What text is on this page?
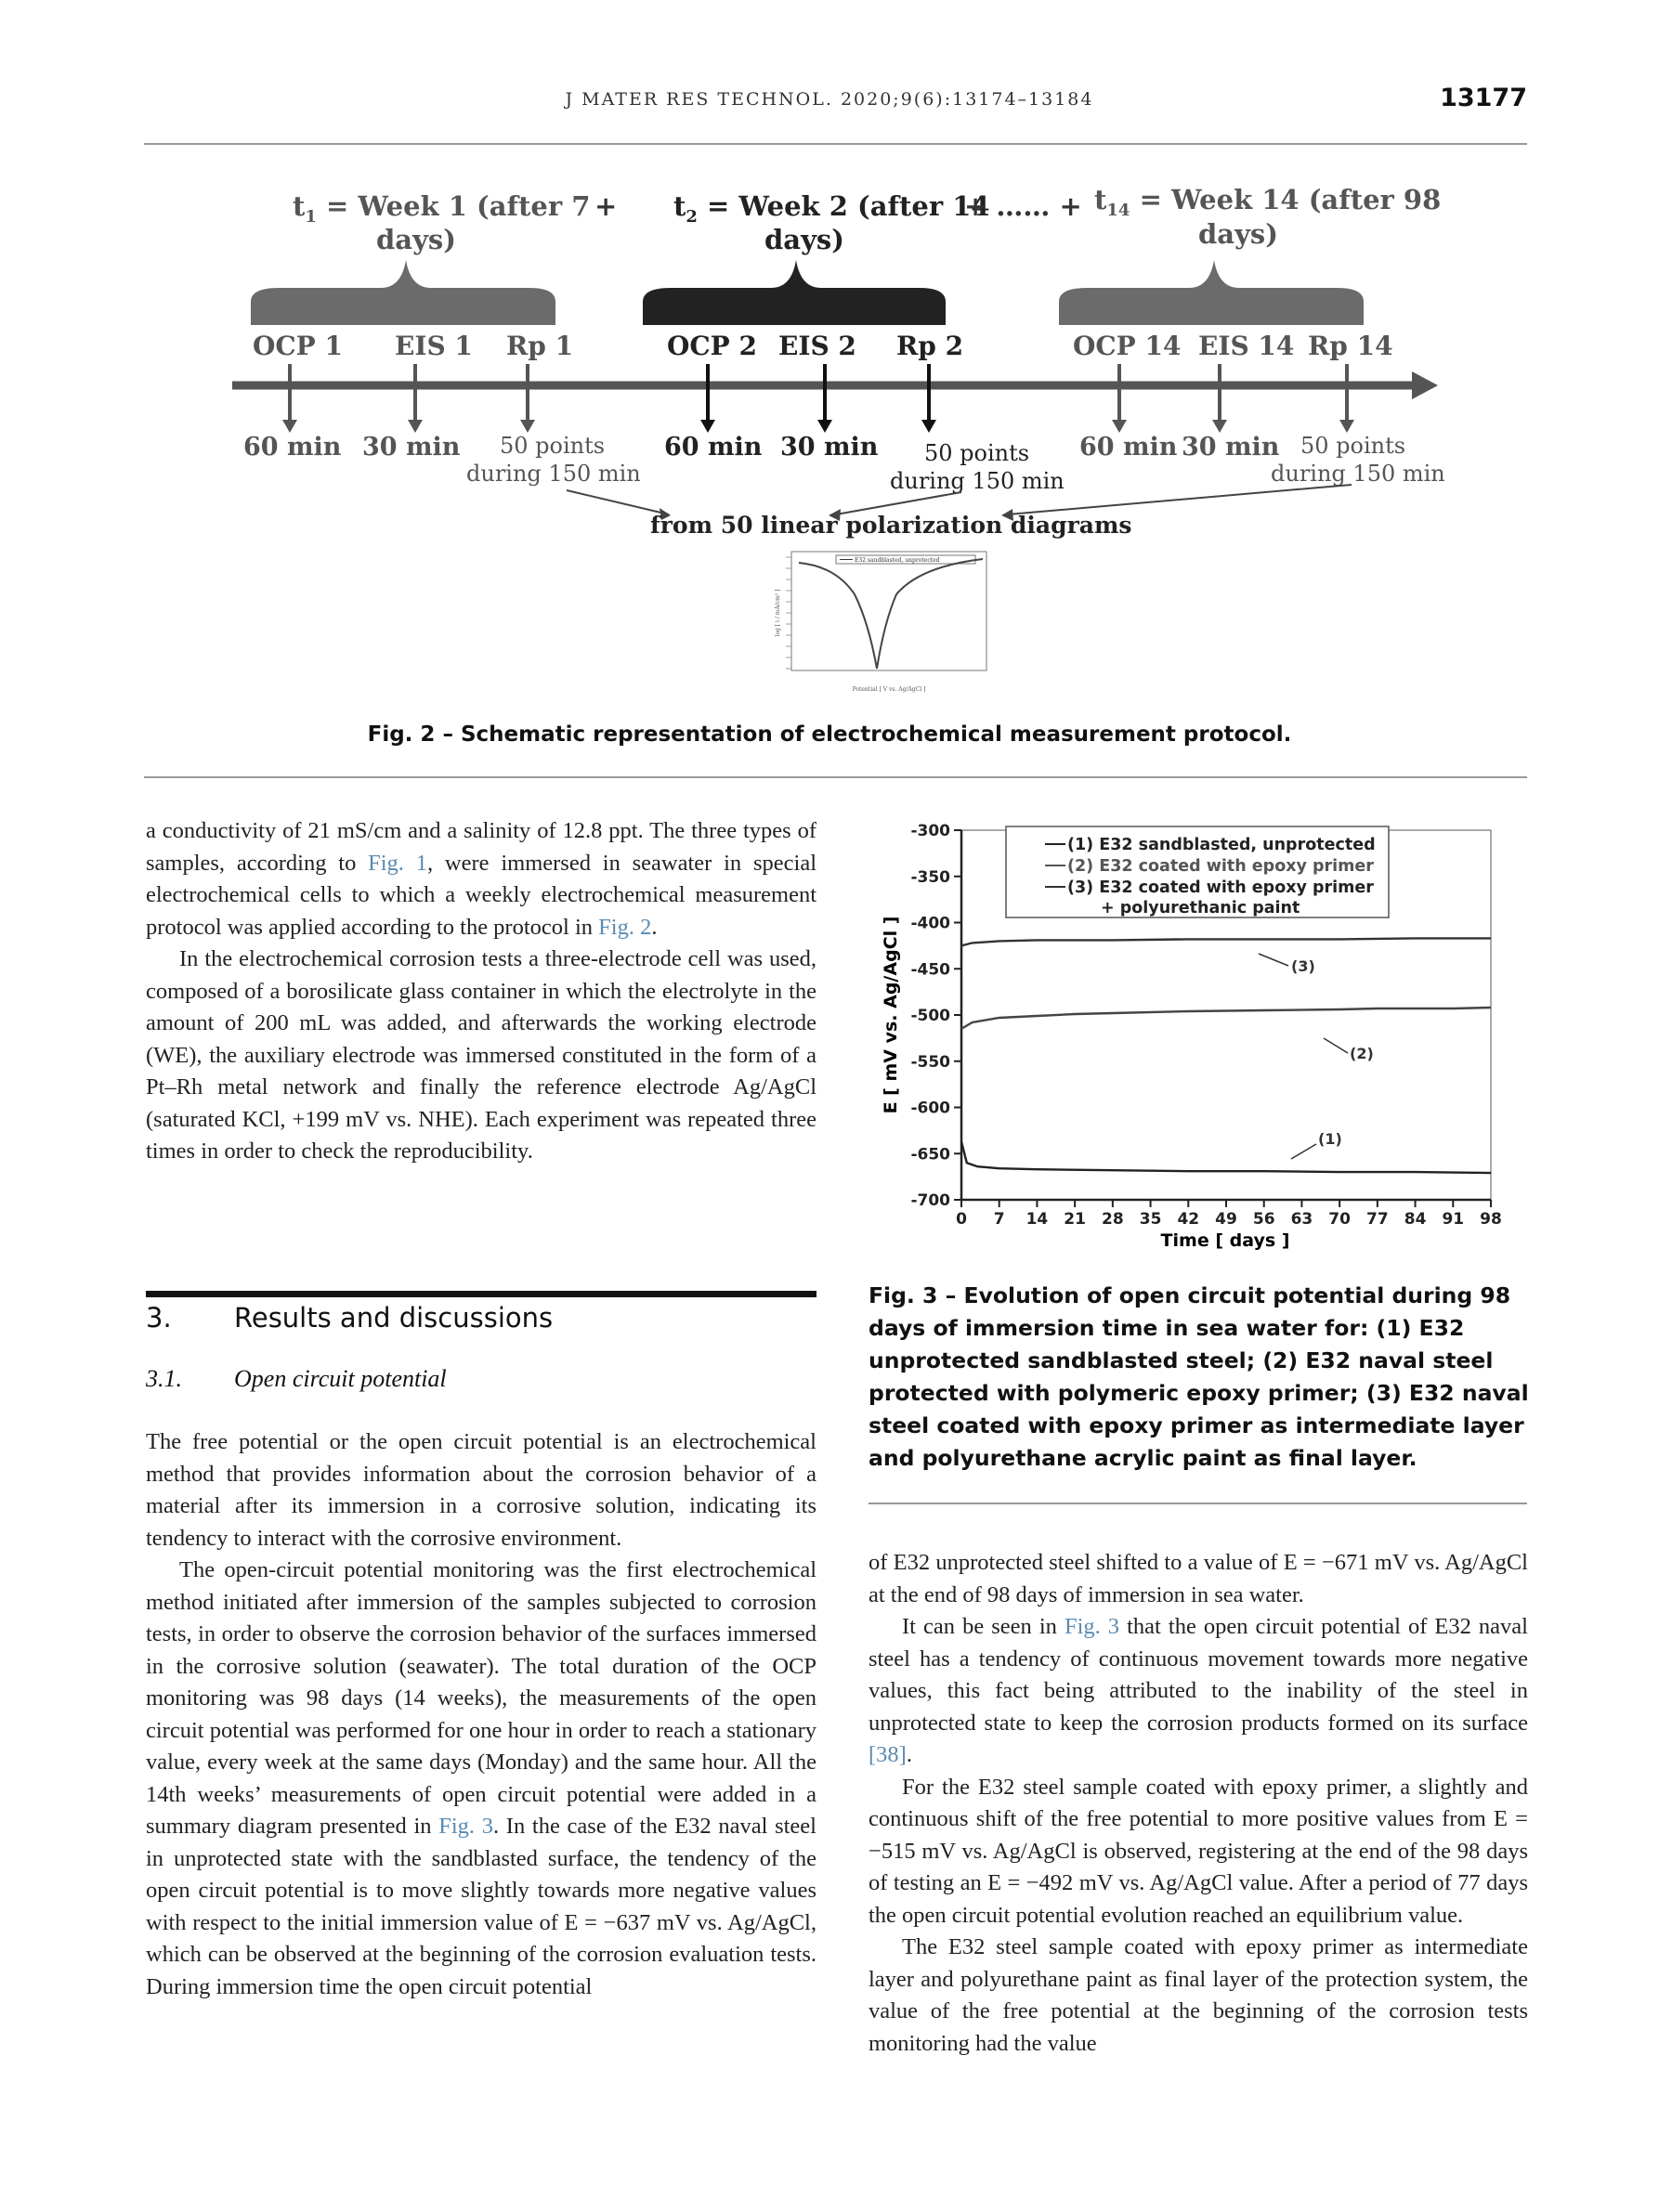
J MATER RES TECHNOL. 2020;9(6):13174–13184	13177
$t_1$ = Week 1 (after 7
days)
+ $t_2$ = Week 2 (after 14
days)
+ …… + $t_{14}$ = Week 14 (after 98
days)
OCP 1 EIS 1 Rp 1	OCP 2 EIS 2 Rp 2	OCP 14 EIS 14 Rp 14
60 min 30 min	60 min 30 min	60 min 30 min
50 points
during 150 min
50 points
during 150 min
50 points
during 150 min
from 50 linear polarization diagrams
E32 sandblasted, unprotected
log [ i / mA/cm² ]
Potential [ V vs. Ag/AgCl ]
Fig. 2 – Schematic representation of electrochemical measurement protocol.

a conductivity of 21 mS/cm and a salinity of 12.8 ppt. The three types of samples, according to Fig. 1, were immersed in seawater in special electrochemical cells to which a weekly electrochemical measurement protocol was applied according to the protocol in Fig. 2.

In the electrochemical corrosion tests a three-electrode cell was used, composed of a borosilicate glass container in which the electrolyte in the amount of 200 mL was added, and afterwards the working electrode (WE), the auxiliary electrode was immersed constituted in the form of a Pt–Rh metal network and finally the reference electrode Ag/AgCl (saturated KCl, +199 mV vs. NHE). Each experiment was repeated three times in order to check the reproducibility.

3. Results and discussions
3.1. Open circuit potential

The free potential or the open circuit potential is an electrochemical method that provides information about the corrosion behavior of a material after its immersion in a corrosive solution, indicating its tendency to interact with the corrosive environment.

The open-circuit potential monitoring was the first electrochemical method initiated after immersion of the samples subjected to corrosion tests, in order to observe the corrosion behavior of the surfaces immersed in the corrosive solution (seawater). The total duration of the OCP monitoring was 98 days (14 weeks), the measurements of the open circuit potential was performed for one hour in order to reach a stationary value, every week at the same days (Monday) and the same hour. All the 14th weeks’ measurements of open circuit potential were added in a summary diagram presented in Fig. 3. In the case of the E32 naval steel in unprotected state with the sandblasted surface, the tendency of the open circuit potential is to move slightly towards more negative values with respect to the initial immersion value of E = −637 mV vs. Ag/AgCl, which can be observed at the beginning of the corrosion evaluation tests. During immersion time the open circuit potential

-300
-350
-400
-450
-500
-550
-600
-650
-700
0 7 14 21 28 35 42 49 56 63 70 77 84 91 98
(1) E32 sandblasted, unprotected
(2) E32 coated with epoxy primer
(3) E32 coated with epoxy primer
+ polyurethanic paint
(3)
(2)
(1)
Time [ days ]
E [ mV vs. Ag/AgCl ]
Fig. 3 – Evolution of open circuit potential during 98 days of immersion time in sea water for: (1) E32 unprotected sandblasted steel; (2) E32 naval steel protected with polymeric epoxy primer; (3) E32 naval steel coated with epoxy primer as intermediate layer and polyurethane acrylic paint as final layer.

of E32 unprotected steel shifted to a value of E = −671 mV vs. Ag/AgCl at the end of 98 days of immersion in sea water.

It can be seen in Fig. 3 that the open circuit potential of E32 naval steel has a tendency of continuous movement towards more negative values, this fact being attributed to the inability of the steel in unprotected state to keep the corrosion products formed on its surface [38].

For the E32 steel sample coated with epoxy primer, a slightly and continuous shift of the free potential to more positive values from E = −515 mV vs. Ag/AgCl is observed, registering at the end of the 98 days of testing an E = −492 mV vs. Ag/AgCl value. After a period of 77 days the open circuit potential evolution reached an equilibrium value.

The E32 steel sample coated with epoxy primer as intermediate layer and polyurethane paint as final layer of the protection system, the value of the free potential at the beginning of the corrosion tests monitoring had the value
